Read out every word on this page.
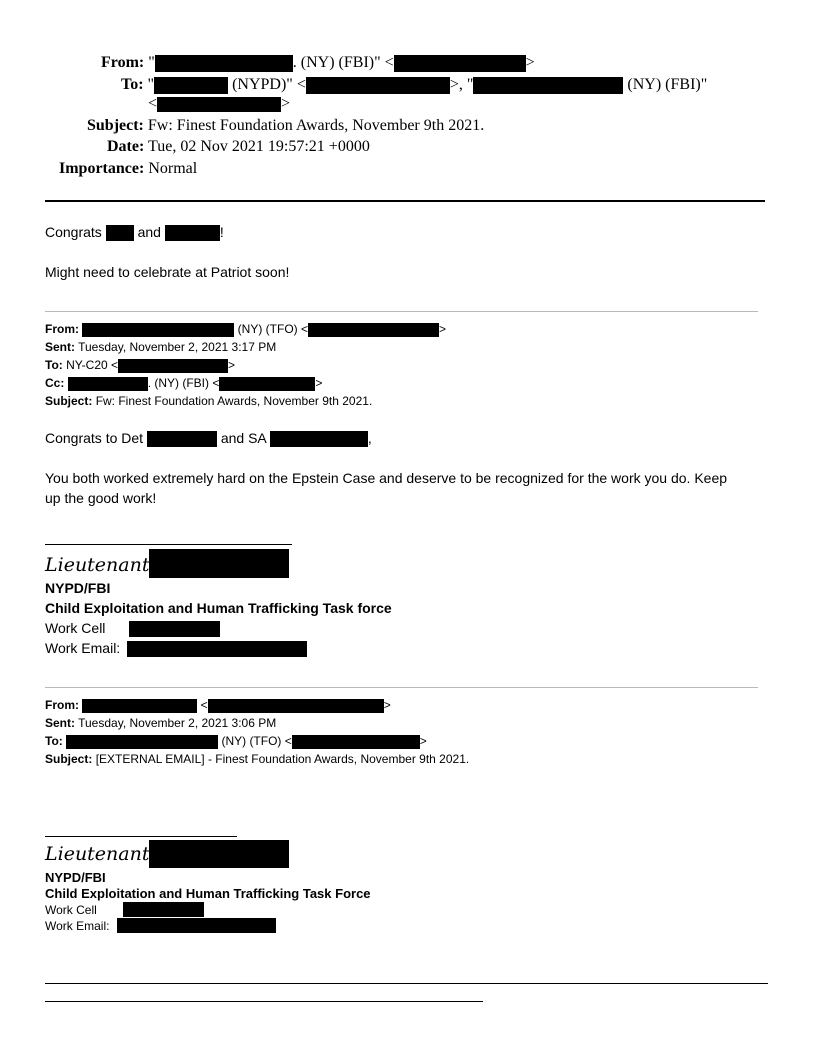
From: "	. (NY) (FBI)" <	>
To: "	(NYPD)" <	>, "	(NY) (FBI)"
<	>
Subject: Fw: Finest Foundation Awards, November 9th 2021.
Date: Tue, 02 Nov 2021 19:57:21 +0000
Importance: Normal
Congrats  and	!
Might need to celebrate at Patriot soon!
From:	(NY) (TFO) <	>
Sent: Tuesday, November 2, 2021 3:17 PM
To: NY-C20 <	>
Cc:	. (NY) (FBI) <	>
Subject: Fw: Finest Foundation Awards, November 9th 2021.
Congrats to Det	and SA	,
You both worked extremely hard on the Epstein Case and deserve to be recognized for the work you do. Keep
up the good work!
Lieutenant
NYPD/FBI
Child Exploitation and Human Trafficking Task force
Work Cell
Work Email:
From:	<	>
Sent: Tuesday, November 2, 2021 3:06 PM
To:	(NY) (TFO) <	>
Subject: [EXTERNAL EMAIL] - Finest Foundation Awards, November 9th 2021.
Lieutenant
NYPD/FBI
Child Exploitation and Human Trafficking Task Force
Work Cell
Work Email:
